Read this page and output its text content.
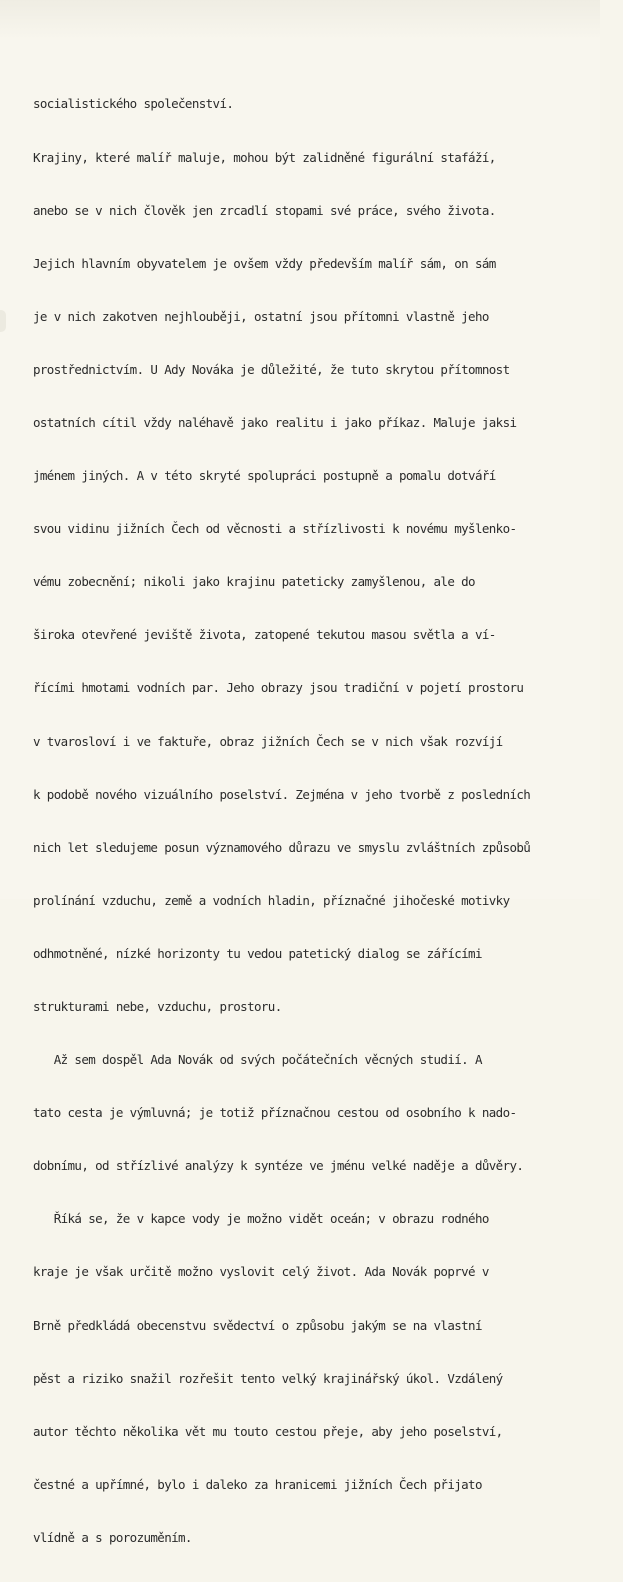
socialistického společenství.

Krajiny, které malíř maluje, mohou být zalidněné figurální stafáží,

anebo se v nich člověk jen zrcadlí stopami své práce, svého života.

Jejich hlavním obyvatelem je ovšem vždy především malíř sám, on sám

je v nich zakotven nejhlouběji, ostatní jsou přítomni vlastně jeho

prostřednictvím. U Ady Nováka je důležité, že tuto skrytou přítomnost

ostatních cítil vždy naléhavě jako realitu i jako příkaz. Maluje jaksi

jménem jiných. A v této skryté spolupráci postupně a pomalu dotváří

svou vidinu jižních Čech od věcnosti a střízlivosti k novému myšlenko-

vému zobecnění; nikoli jako krajinu pateticky zamyšlenou, ale do

široka otevřené jeviště života, zatopené tekutou masou světla a ví-

řícími hmotami vodních par. Jeho obrazy jsou tradiční v pojetí prostoru

v tvarosloví i ve faktuře, obraz jižních Čech se v nich však rozvíjí

k podobě nového vizuálního poselství. Zejména v jeho tvorbě z posledních

nich let sledujeme posun významového důrazu ve smyslu zvláštních způsobů

prolínání vzduchu, země a vodních hladin, příznačné jihočeské motivky

odhmotněné, nízké horizonty tu vedou patetický dialog se zářícími

strukturami nebe, vzduchu, prostoru.

Až sem dospěl Ada Novák od svých počátečních věcných studií. A

tato cesta je výmluvná; je totiž příznačnou cestou od osobního k nado-

dobnímu, od střízlivé analýzy k syntéze ve jménu velké naděje a důvěry.

Říká se, že v kapce vody je možno vidět oceán; v obrazu rodného

kraje je však určitě možno vyslovit celý život. Ada Novák poprvé v

Brně předkládá obecenstvu svědectví o způsobu jakým se na vlastní

pěst a riziko snažil rozřešit tento velký krajinářský úkol. Vzdálený

autor těchto několika vět mu touto cestou přeje, aby jeho poselství,

čestné a upřímné, bylo i daleko za hranicemi jižních Čech přijato

vlídně a s porozuměním.
